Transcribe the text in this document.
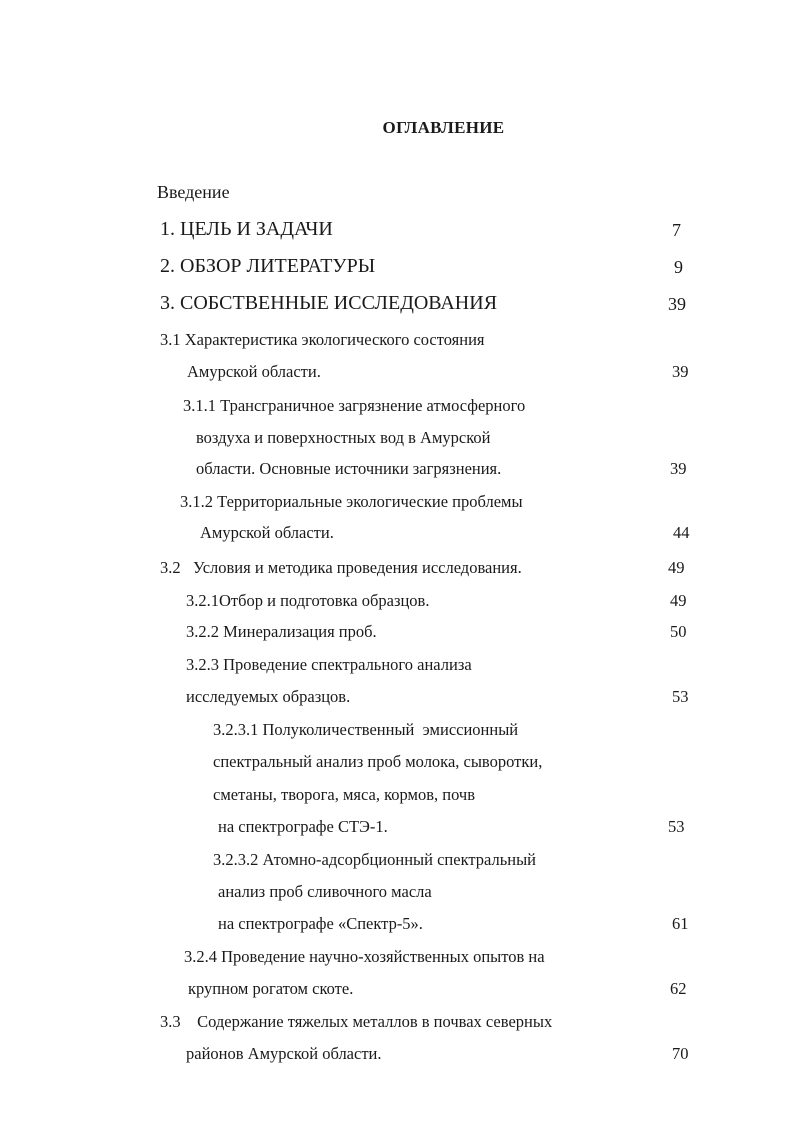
ОГЛАВЛЕНИЕ
Введение
1. ЦЕЛЬ И ЗАДАЧИ	7
2. ОБЗОР ЛИТЕРАТУРЫ	9
3. СОБСТВЕННЫЕ ИССЛЕДОВАНИЯ	39
3.1 Характеристика экологического состояния
Амурской области.	39
3.1.1 Трансграничное загрязнение атмосферного
воздуха и поверхностных вод в Амурской
области. Основные источники загрязнения.	39
3.1.2 Территориальные экологические проблемы
Амурской области.	44
3.2   Условия и методика проведения исследования.	49
3.2.1Отбор и подготовка образцов.	49
3.2.2 Минерализация проб.	50
3.2.3 Проведение спектрального анализа
исследуемых образцов.	53
3.2.3.1 Полуколичественный  эмиссионный
спектральный анализ проб молока, сыворотки,
сметаны, творога, мяса, кормов, почв
на спектрографе СТЭ-1.	53
3.2.3.2 Атомно-адсорбционный спектральный
анализ проб сливочного масла
на спектрографе «Спектр-5».	61
3.2.4 Проведение научно-хозяйственных опытов на
крупном рогатом скоте.	62
3.3    Содержание тяжелых металлов в почвах северных
районов Амурской области.	70
